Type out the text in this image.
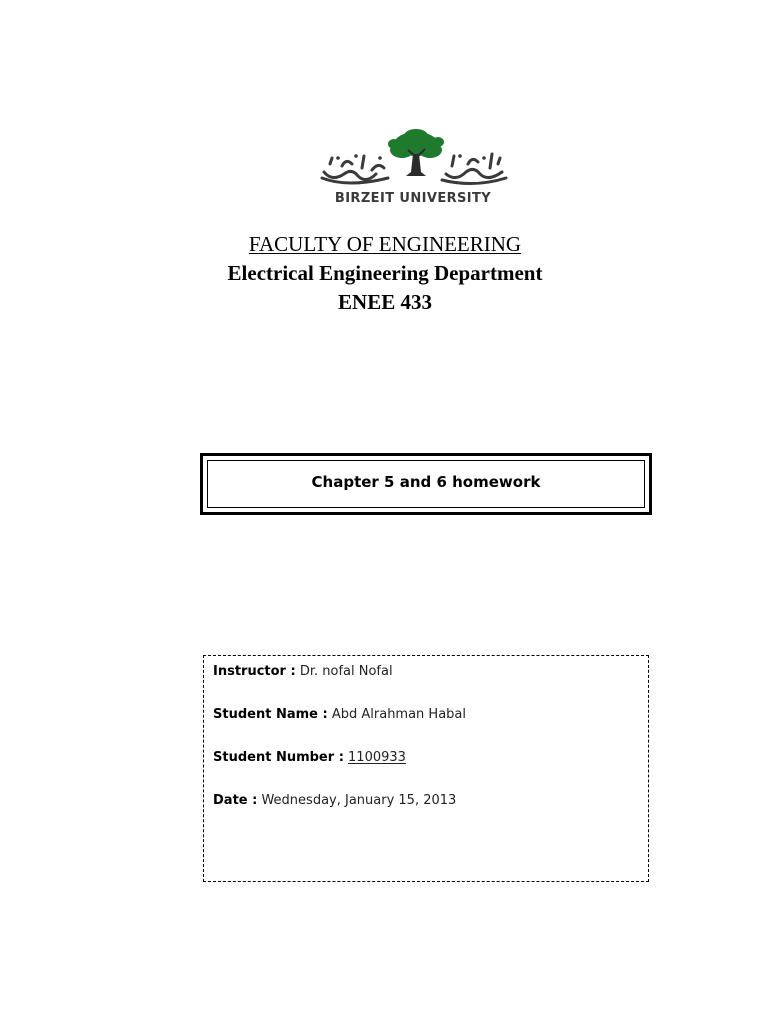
BIRZEIT UNIVERSITY
FACULTY OF ENGINEERING
Electrical Engineering Department
ENEE 433
Chapter 5 and 6 homework
Instructor : Dr. nofal Nofal
Student Name : Abd Alrahman Habal
Student Number : 1100933
Date : Wednesday, January 15, 2013
